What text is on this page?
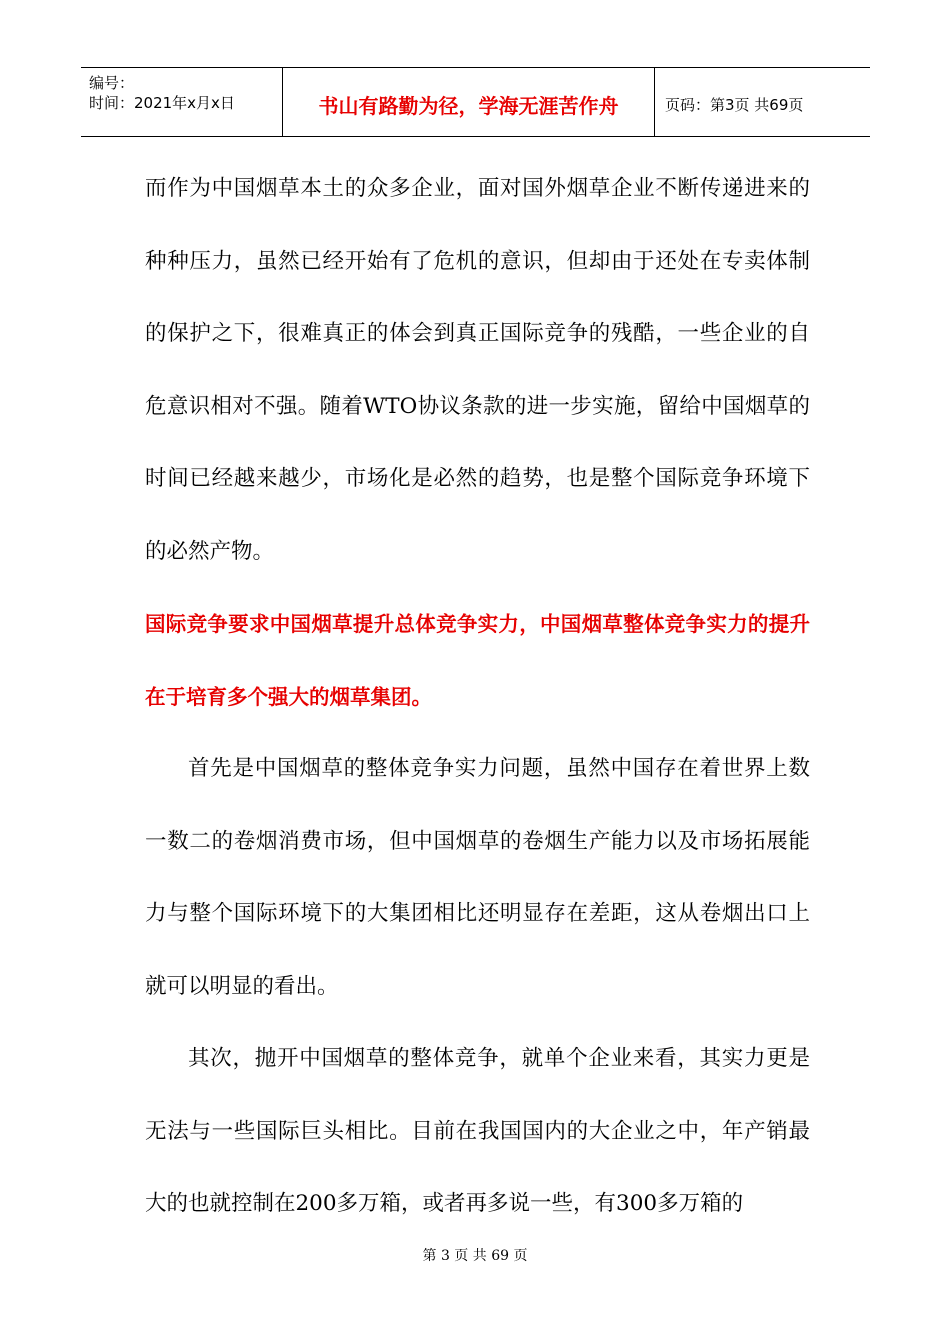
编号：
时间：2021年x月x日	书山有路勤为径，学海无涯苦作舟	页码：第3页 共69页

而作为中国烟草本土的众多企业，面对国外烟草企业不断传递进来的种种压力，虽然已经开始有了危机的意识，但却由于还处在专卖体制的保护之下，很难真正的体会到真正国际竞争的残酷，一些企业的自危意识相对不强。随着WTO协议条款的进一步实施，留给中国烟草的时间已经越来越少，市场化是必然的趋势，也是整个国际竞争环境下的必然产物。

国际竞争要求中国烟草提升总体竞争实力，中国烟草整体竞争实力的提升在于培育多个强大的烟草集团。

首先是中国烟草的整体竞争实力问题，虽然中国存在着世界上数一数二的卷烟消费市场，但中国烟草的卷烟生产能力以及市场拓展能力与整个国际环境下的大集团相比还明显存在差距，这从卷烟出口上就可以明显的看出。

其次，抛开中国烟草的整体竞争，就单个企业来看，其实力更是无法与一些国际巨头相比。目前在我国国内的大企业之中，年产销最大的也就控制在200多万箱，或者再多说一些，有300多万箱的

第 3 页 共 69 页
